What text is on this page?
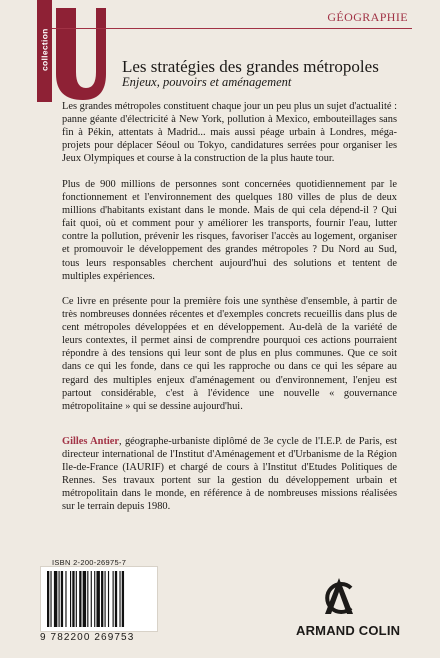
collection
GÉOGRAPHIE
Les stratégies des grandes métropoles
Enjeux, pouvoirs et aménagement

Les grandes métropoles constituent chaque jour un peu plus un sujet d'actualité : panne géante d'électricité à New York, pollution à Mexico, embouteillages sans fin à Pékin, attentats à Madrid... mais aussi péage urbain à Londres, méga-projets pour déplacer Séoul ou Tokyo, candidatures serrées pour organiser les Jeux Olympiques et course à la construction de la plus haute tour.

Plus de 900 millions de personnes sont concernées quotidiennement par le fonctionnement et l'environnement des quelques 180 villes de plus de deux millions d'habitants existant dans le monde. Mais de qui cela dépend-il ? Qui fait quoi, où et comment pour y améliorer les transports, fournir l'eau, lutter contre la pollution, prévenir les risques, favoriser l'accès au logement, organiser et promouvoir le développement des grandes métropoles ? Du Nord au Sud, tous leurs responsables cherchent aujourd'hui des solutions et tentent de multiples expériences.

Ce livre en présente pour la première fois une synthèse d'ensemble, à partir de très nombreuses données récentes et d'exemples concrets recueillis dans plus de cent métropoles développées et en développement. Au-delà de la variété de leurs contextes, il permet ainsi de comprendre pourquoi ces actions pourraient répondre à des tensions qui leur sont de plus en plus communes. Que ce soit dans ce qui les fonde, dans ce qui les rapproche ou dans ce qui les sépare au regard des multiples enjeux d'aménagement ou d'environnement, l'enjeu est partout considérable, c'est à l'évidence une nouvelle « gouvernance métropolitaine » qui se dessine aujourd'hui.

Gilles Antier, géographe-urbaniste diplômé de 3e cycle de l'I.E.P. de Paris, est directeur international de l'Institut d'Aménagement et d'Urbanisme de la Région Ile-de-France (IAURIF) et chargé de cours à l'Institut d'Etudes Politiques de Rennes. Ses travaux portent sur la gestion du développement urbain et métropolitain dans le monde, en référence à de nombreuses missions réalisées sur le terrain depuis 1980.

ISBN 2-200-26975-7
9 782200 269753	ARMAND COLIN
